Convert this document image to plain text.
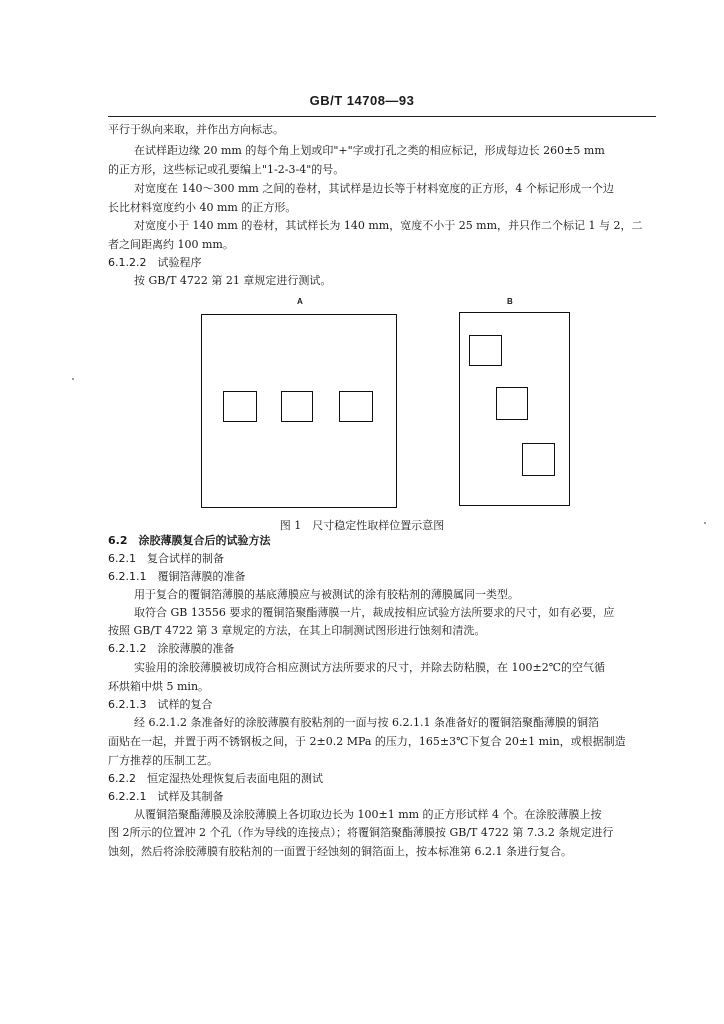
GB/T 14708—93
平行于纵向来取，并作出方向标志。
在试样距边缘 20 mm 的每个角上划或印"+"字或打孔之类的相应标记，形成每边长 260±5 mm
的正方形，这些标记或孔要编上"1-2-3-4"的号。
对宽度在 140～300 mm 之间的卷材，其试样是边长等于材料宽度的正方形，4 个标记形成一个边
长比材料宽度约小 40 mm 的正方形。
对宽度小于 140 mm 的卷材，其试样长为 140 mm，宽度不小于 25 mm，并只作二个标记 1 与 2，二
者之间距离约 100 mm。
6.1.2.2　试验程序
按 GB/T 4722 第 21 章规定进行测试。
A	B
图 1　尺寸稳定性取样位置示意图
6.2　涂胶薄膜复合后的试验方法
6.2.1　复合试样的制备
6.2.1.1　覆铜箔薄膜的准备
用于复合的覆铜箔薄膜的基底薄膜应与被测试的涂有胶粘剂的薄膜属同一类型。
取符合 GB 13556 要求的覆铜箔聚酯薄膜一片，裁成按相应试验方法所要求的尺寸，如有必要，应
按照 GB/T 4722 第 3 章规定的方法，在其上印制测试图形进行蚀刻和清洗。
6.2.1.2　涂胶薄膜的准备
实验用的涂胶薄膜被切成符合相应测试方法所要求的尺寸，并除去防粘膜，在 100±2℃的空气循
环烘箱中烘 5 min。
6.2.1.3　试样的复合
经 6.2.1.2 条准备好的涂胶薄膜有胶粘剂的一面与按 6.2.1.1 条准备好的覆铜箔聚酯薄膜的铜箔
面贴在一起，并置于两不锈钢板之间，于 2±0.2 MPa 的压力，165±3℃下复合 20±1 min，或根据制造
厂方推荐的压制工艺。
6.2.2　恒定湿热处理恢复后表面电阻的测试
6.2.2.1　试样及其制备
从覆铜箔聚酯薄膜及涂胶薄膜上各切取边长为 100±1 mm 的正方形试样 4 个。在涂胶薄膜上按
图 2所示的位置冲 2 个孔（作为导线的连接点）；将覆铜箔聚酯薄膜按 GB/T 4722 第 7.3.2 条规定进行
蚀刻，然后将涂胶薄膜有胶粘剂的一面置于经蚀刻的铜箔面上，按本标准第 6.2.1 条进行复合。
